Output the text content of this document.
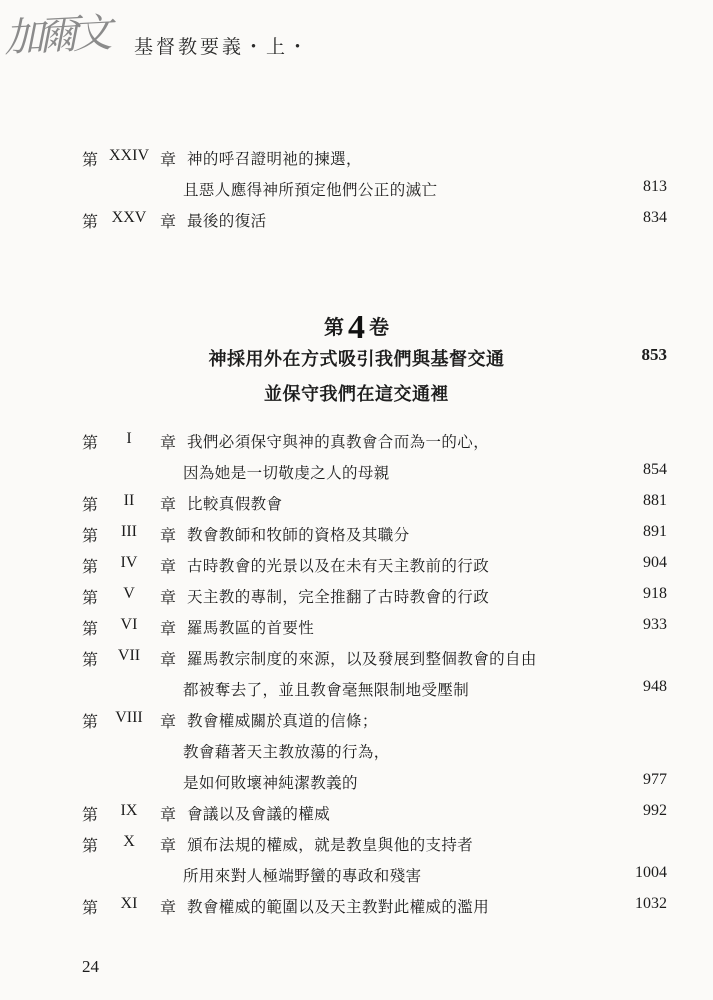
加爾文 基督教要義・上・
第 XXIV 章 神的呼召證明祂的揀選，
且惡人應得神所預定他們公正的滅亡	813
第 XXV 章 最後的復活	834
第 I 章 我們必須保守與神的真教會合而為一的心，
因為她是一切敬虔之人的母親	854
第 II 章 比較真假教會	881
第 III 章 教會教師和牧師的資格及其職分	891
第 IV 章 古時教會的光景以及在未有天主教前的行政	904
第 V 章 天主教的專制，完全推翻了古時教會的行政	918
第 VI 章 羅馬教區的首要性	933
第 VII 章 羅馬教宗制度的來源，以及發展到整個教會的自由
都被奪去了，並且教會毫無限制地受壓制	948
第 VIII 章 教會權威關於真道的信條；
教會藉著天主教放蕩的行為，
是如何敗壞神純潔教義的	977
第 IX 章 會議以及會議的權威	992
第 X 章 頒布法規的權威，就是教皇與他的支持者
所用來對人極端野蠻的專政和殘害	1004
第 XI 章 教會權威的範圍以及天主教對此權威的濫用	1032
第 4 卷
神採用外在方式吸引我們與基督交通	853
並保守我們在這交通裡
24
